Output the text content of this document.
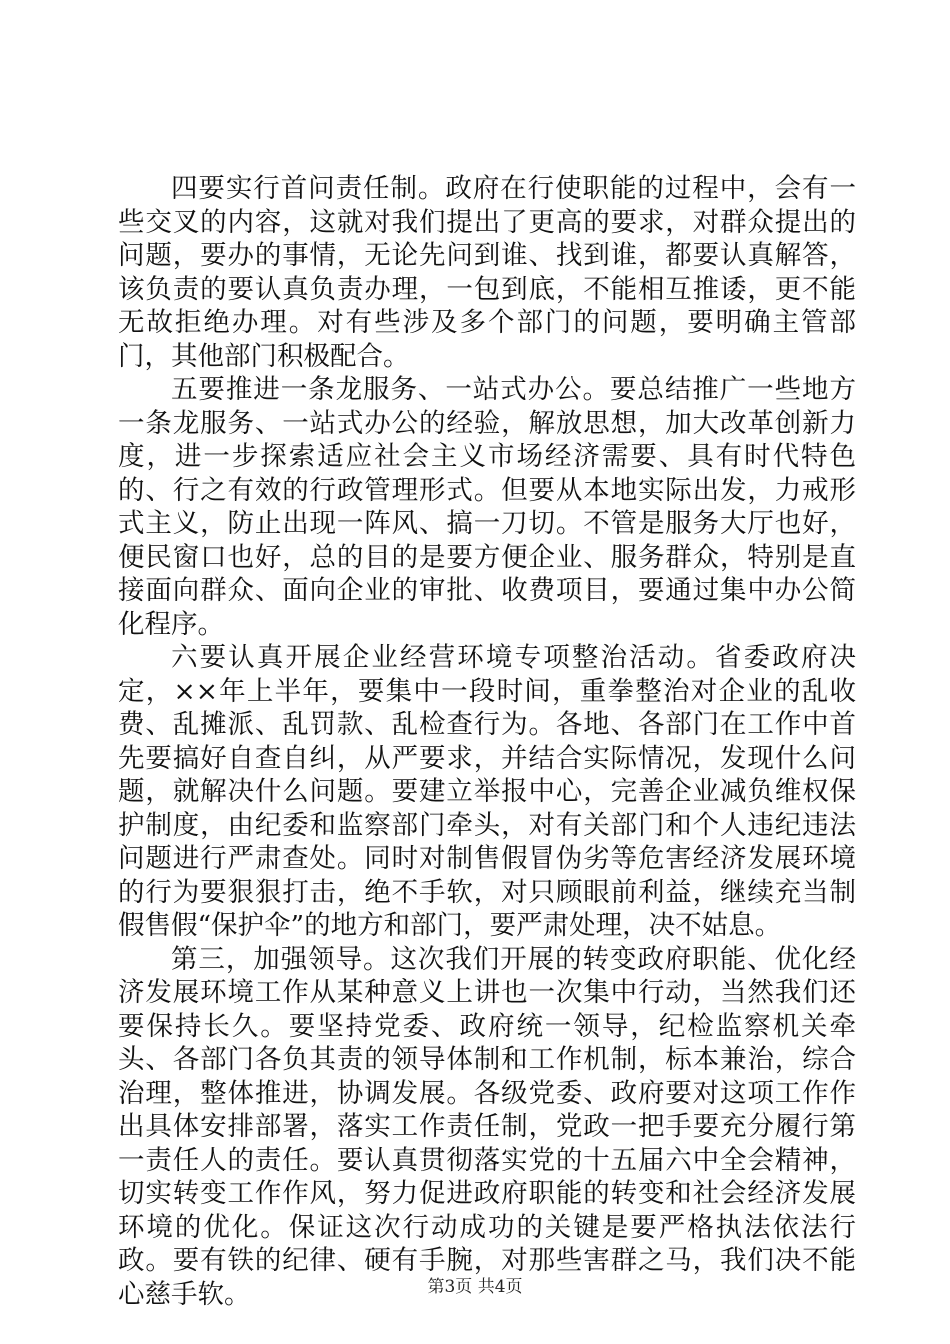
四要实行首问责任制。政府在行使职能的过程中，会有一些交叉的内容，这就对我们提出了更高的要求，对群众提出的问题，要办的事情，无论先问到谁、找到谁，都要认真解答，该负责的要认真负责办理，一包到底，不能相互推诿，更不能无故拒绝办理。对有些涉及多个部门的问题，要明确主管部门，其他部门积极配合。

五要推进一条龙服务、一站式办公。要总结推广一些地方一条龙服务、一站式办公的经验，解放思想，加大改革创新力度，进一步探索适应社会主义市场经济需要、具有时代特色的、行之有效的行政管理形式。但要从本地实际出发，力戒形式主义，防止出现一阵风、搞一刀切。不管是服务大厅也好，便民窗口也好，总的目的是要方便企业、服务群众，特别是直接面向群众、面向企业的审批、收费项目，要通过集中办公简化程序。

六要认真开展企业经营环境专项整治活动。省委政府决定，××年上半年，要集中一段时间，重拳整治对企业的乱收费、乱摊派、乱罚款、乱检查行为。各地、各部门在工作中首先要搞好自查自纠，从严要求，并结合实际情况，发现什么问题，就解决什么问题。要建立举报中心，完善企业减负维权保护制度，由纪委和监察部门牵头，对有关部门和个人违纪违法问题进行严肃查处。同时对制售假冒伪劣等危害经济发展环境的行为要狠狠打击，绝不手软，对只顾眼前利益，继续充当制假售假“保护伞”的地方和部门，要严肃处理，决不姑息。

第三，加强领导。这次我们开展的转变政府职能、优化经济发展环境工作从某种意义上讲也一次集中行动，当然我们还要保持长久。要坚持党委、政府统一领导，纪检监察机关牵头、各部门各负其责的领导体制和工作机制，标本兼治，综合治理，整体推进，协调发展。各级党委、政府要对这项工作作出具体安排部署，落实工作责任制，党政一把手要充分履行第一责任人的责任。要认真贯彻落实党的十五届六中全会精神，切实转变工作作风，努力促进政府职能的转变和社会经济发展环境的优化。保证这次行动成功的关键是要严格执法依法行政。要有铁的纪律、硬有手腕，对那些害群之马，我们决不能心慈手软。	第3页 共4页
